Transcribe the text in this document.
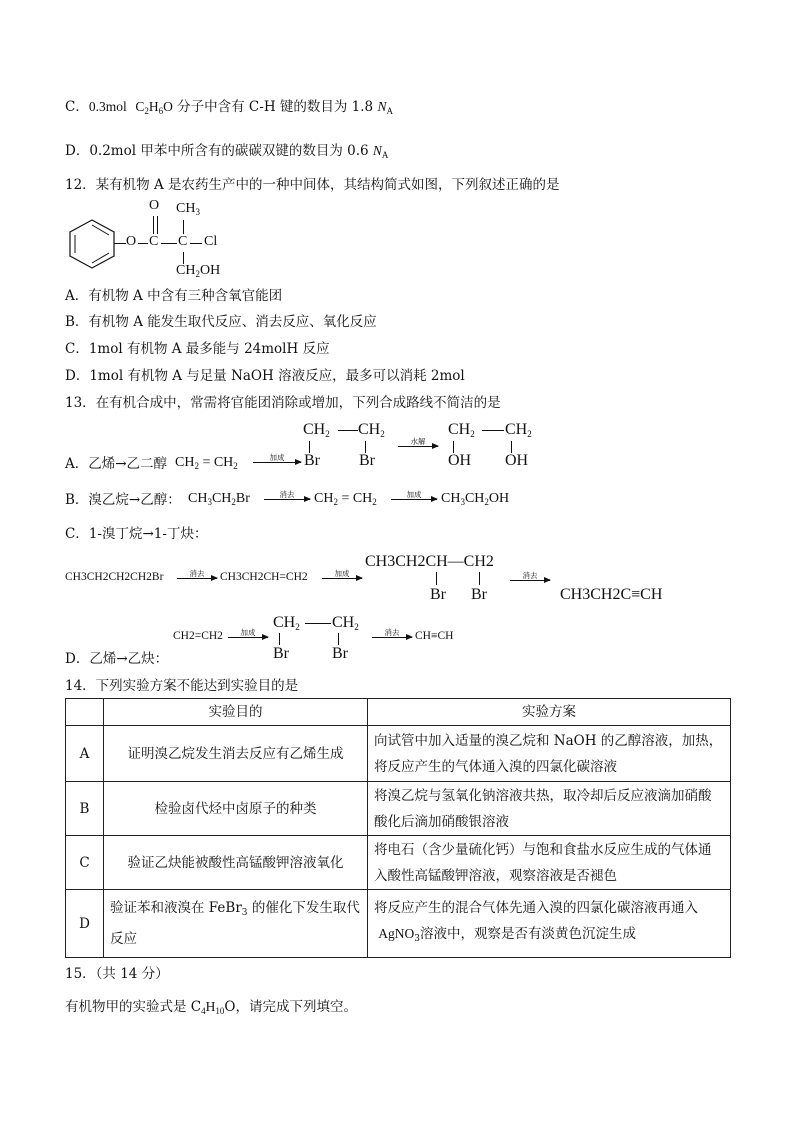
C．0.3mol $C_2H_6O$ 分子中含有 C-H 键的数目为 1.8 $N_A$
D．0.2mol 甲苯中所含有的碳碳双键的数目为 0.6 $N_A$
12．某有机物 A 是农药生产中的一种中间体，其结构简式如图，下列叙述正确的是
O C
O
C
$CH_3$
Cl
$CH_2OH$
A．有机物 A 中含有三种含氧官能团
B．有机物 A 能发生取代反应、消去反应、氧化反应
C．1mol 有机物 A 最多能与 24molH 反应
D．1mol 有机物 A 与足量 NaOH 溶液反应，最多可以消耗 2mol
13．在有机合成中，常需将官能团消除或增加，下列合成路线不简洁的是
A．乙烯→乙二醇 $CH_2 = CH_2$
加成
$CH_2$ $CH_2$
Br Br
水解
$CH_2$ $CH_2$
OH OH
B．溴乙烷→乙醇： $CH_3CH_2Br$	消去	$CH_2 = CH_2$
加成	$CH_3CH_2OH$
C．1-溴丁烷→1-丁炔：
CH3CH2CH2CH2Br	消去	CH3CH2CH=CH2	加成
CH3CH2CH—CH2
Br Br
消去
CH3CH2C≡CH
D．乙烯→乙炔：
CH2=CH2	加成
$CH_2$ $CH_2$
Br	Br
消去	CH≡CH
14．下列实验方案不能达到实验目的是
	实验目的	实验方案
A	证明溴乙烷发生消去反应有乙烯生成	向试管中加入适量的溴乙烷和 NaOH 的乙醇溶液，加热，将反应产生的气体通入溴的四氯化碳溶液
B	检验卤代烃中卤原子的种类	将溴乙烷与氢氧化钠溶液共热，取冷却后反应液滴加硝酸酸化后滴加硝酸银溶液
C	验证乙炔能被酸性高锰酸钾溶液氧化	将电石（含少量硫化钙）与饱和食盐水反应生成的气体通入酸性高锰酸钾溶液，观察溶液是否褪色
D	验证苯和液溴在 FeBr$_3$ 的催化下发生取代反应	将反应产生的混合气体先通入溴的四氯化碳溶液再通入
AgNO$_3$溶液中，观察是否有淡黄色沉淀生成
15．（共 14 分）
有机物甲的实验式是 $C_4H_{10}O$，请完成下列填空。
